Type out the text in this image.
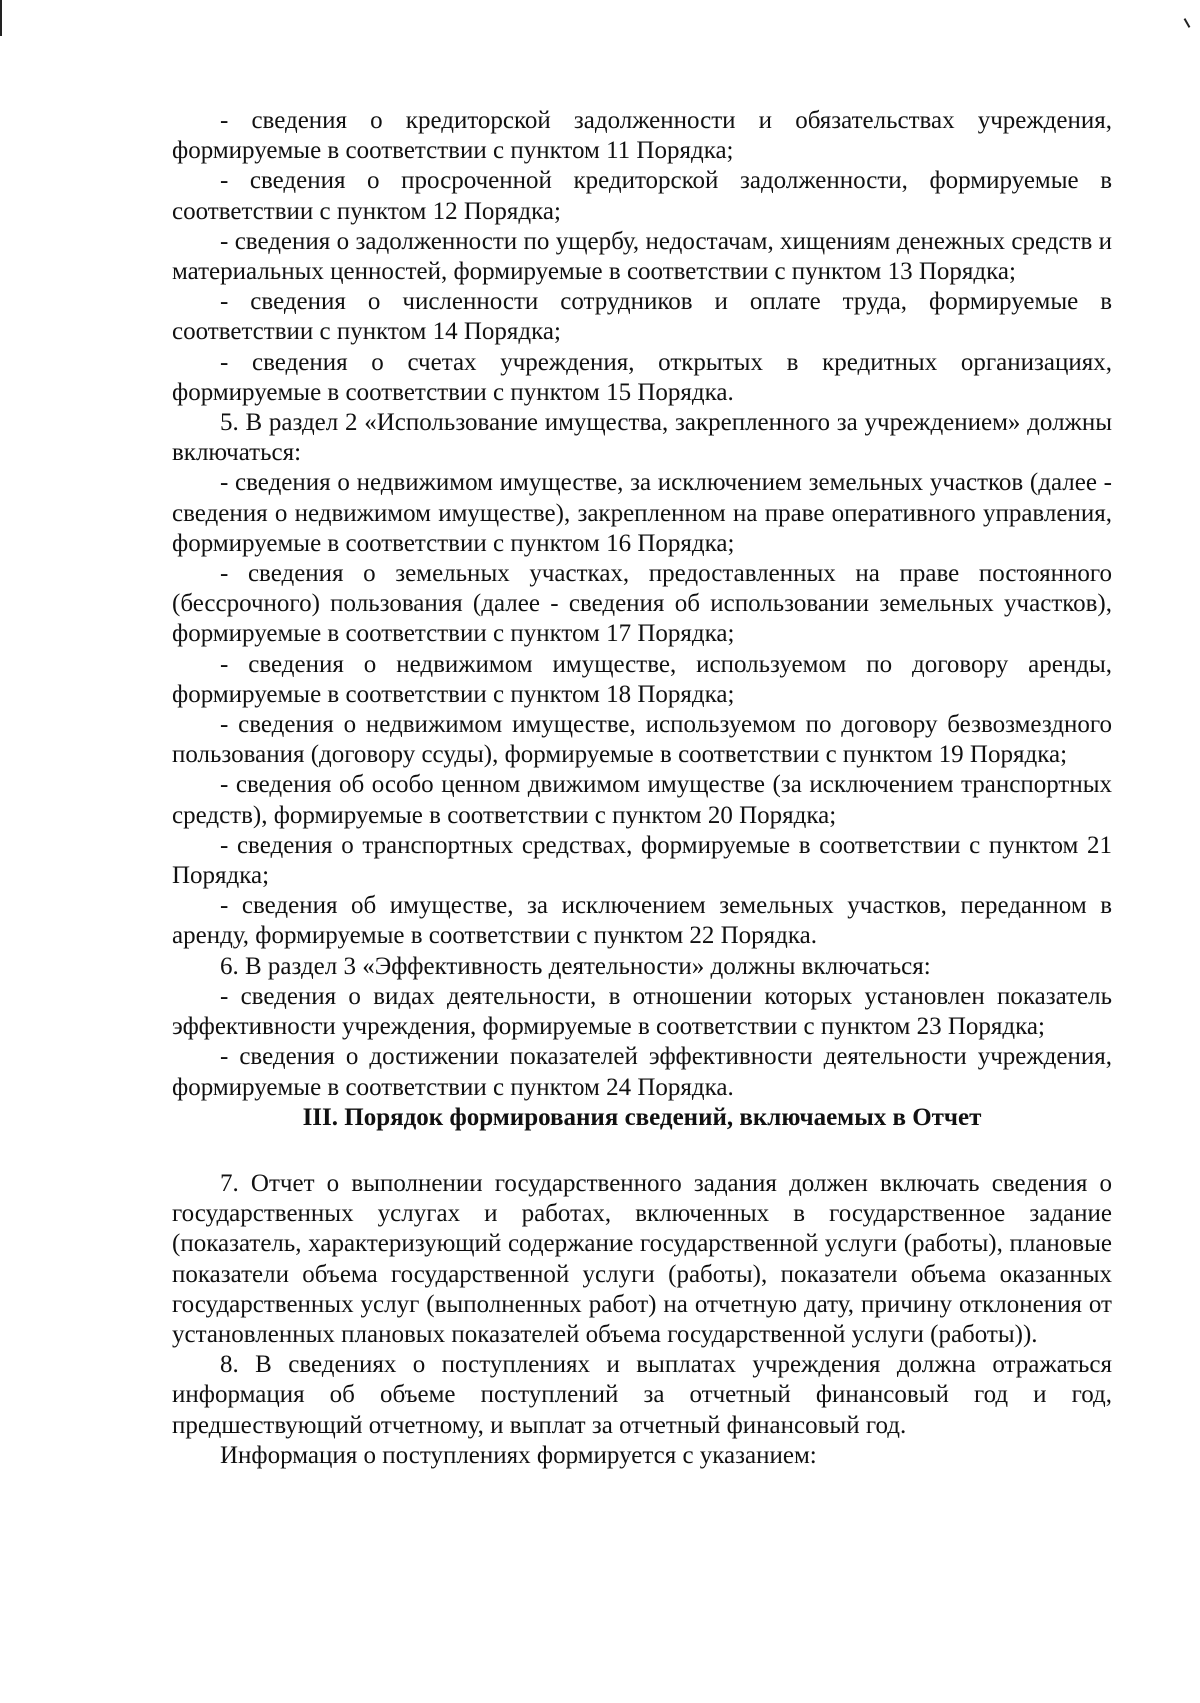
- сведения о кредиторской задолженности и обязательствах учреждения, формируемые в соответствии с пунктом 11 Порядка;

- сведения о просроченной кредиторской задолженности, формируемые в соответствии с пунктом 12 Порядка;

- сведения о задолженности по ущербу, недостачам, хищениям денежных средств и материальных ценностей, формируемые в соответствии с пунктом 13 Порядка;

- сведения о численности сотрудников и оплате труда, формируемые в соответствии с пунктом 14 Порядка;

- сведения о счетах учреждения, открытых в кредитных организациях, формируемые в соответствии с пунктом 15 Порядка.

5. В раздел 2 «Использование имущества, закрепленного за учреждением» должны включаться:

- сведения о недвижимом имуществе, за исключением земельных участков (далее - сведения о недвижимом имуществе), закрепленном на праве оперативного управления, формируемые в соответствии с пунктом 16 Порядка;

- сведения о земельных участках, предоставленных на праве постоянного (бессрочного) пользования (далее - сведения об использовании земельных участков), формируемые в соответствии с пунктом 17 Порядка;

- сведения о недвижимом имуществе, используемом по договору аренды, формируемые в соответствии с пунктом 18 Порядка;

- сведения о недвижимом имуществе, используемом по договору безвозмездного пользования (договору ссуды), формируемые в соответствии с пунктом 19 Порядка;

- сведения об особо ценном движимом имуществе (за исключением транспортных средств), формируемые в соответствии с пунктом 20 Порядка;

- сведения о транспортных средствах, формируемые в соответствии с пунктом 21 Порядка;

- сведения об имуществе, за исключением земельных участков, переданном в аренду, формируемые в соответствии с пунктом 22 Порядка.

6. В раздел 3 «Эффективность деятельности» должны включаться:

- сведения о видах деятельности, в отношении которых установлен показатель эффективности учреждения, формируемые в соответствии с пунктом 23 Порядка;

- сведения о достижении показателей эффективности деятельности учреждения, формируемые в соответствии с пунктом 24 Порядка.

III. Порядок формирования сведений, включаемых в Отчет

7. Отчет о выполнении государственного задания должен включать сведения о государственных услугах и работах, включенных в государственное задание (показатель, характеризующий содержание государственной услуги (работы), плановые показатели объема государственной услуги (работы), показатели объема оказанных государственных услуг (выполненных работ) на отчетную дату, причину отклонения от установленных плановых показателей объема государственной услуги (работы)).

8. В сведениях о поступлениях и выплатах учреждения должна отражаться информация об объеме поступлений за отчетный финансовый год и год, предшествующий отчетному, и выплат за отчетный финансовый год.

Информация о поступлениях формируется с указанием:
